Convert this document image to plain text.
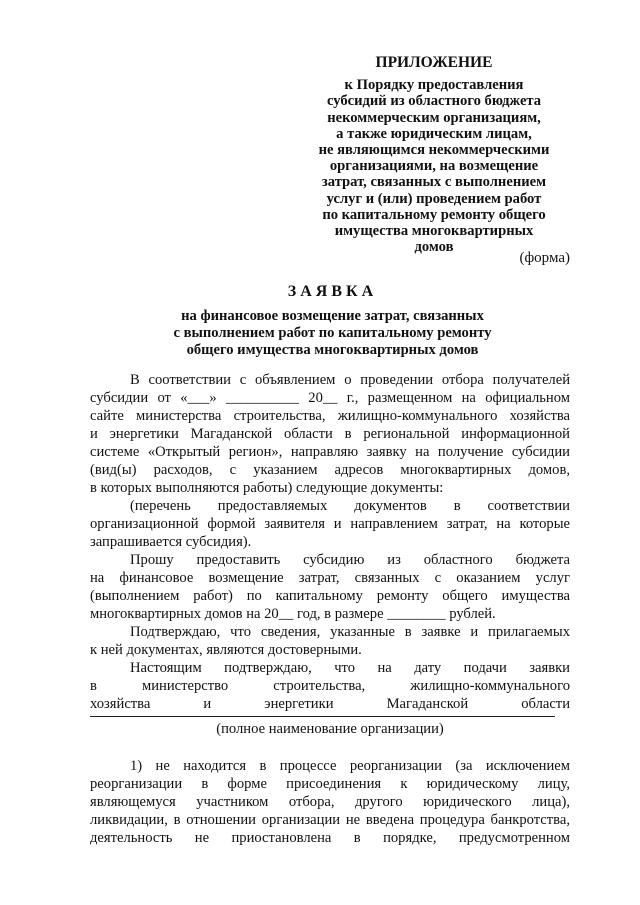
ПРИЛОЖЕНИЕ
к Порядку предоставления
субсидий из областного бюджета
некоммерческим организациям,
а также юридическим лицам,
не являющимся некоммерческими
организациями, на возмещение
затрат, связанных с выполнением
услуг и (или) проведением работ
по капитальному ремонту общего
имущества многоквартирных
домов
(форма)
ЗАЯВКА
на финансовое возмещение затрат, связанных
с выполнением работ по капитальному ремонту
общего имущества многоквартирных домов
В соответствии с объявлением о проведении отбора получателей
субсидии от «___» __________ 20__ г., размещенном на официальном
сайте министерства строительства, жилищно-коммунального хозяйства
и энергетики Магаданской области в региональной информационной
системе «Открытый регион», направляю заявку на получение субсидии
(вид(ы) расходов, с указанием адресов многоквартирных домов,
в которых выполняются работы) следующие документы:
(перечень предоставляемых документов в соответствии
организационной формой заявителя и направлением затрат, на которые
запрашивается субсидия).
Прошу предоставить субсидию из областного бюджета
на финансовое возмещение затрат, связанных с оказанием услуг
(выполнением работ) по капитальному ремонту общего имущества
многоквартирных домов на 20__ год, в размере ________ рублей.
Подтверждаю, что сведения, указанные в заявке и прилагаемых
к ней документах, являются достоверными.
Настоящим подтверждаю, что на дату подачи заявки
в министерство строительства, жилищно-коммунального
хозяйства и энергетики Магаданской области
(полное наименование организации)
1) не находится в процессе реорганизации (за исключением
реорганизации в форме присоединения к юридическому лицу,
являющемуся участником отбора, другого юридического лица),
ликвидации, в отношении организации не введена процедура банкротства,
деятельность не приостановлена в порядке, предусмотренном
